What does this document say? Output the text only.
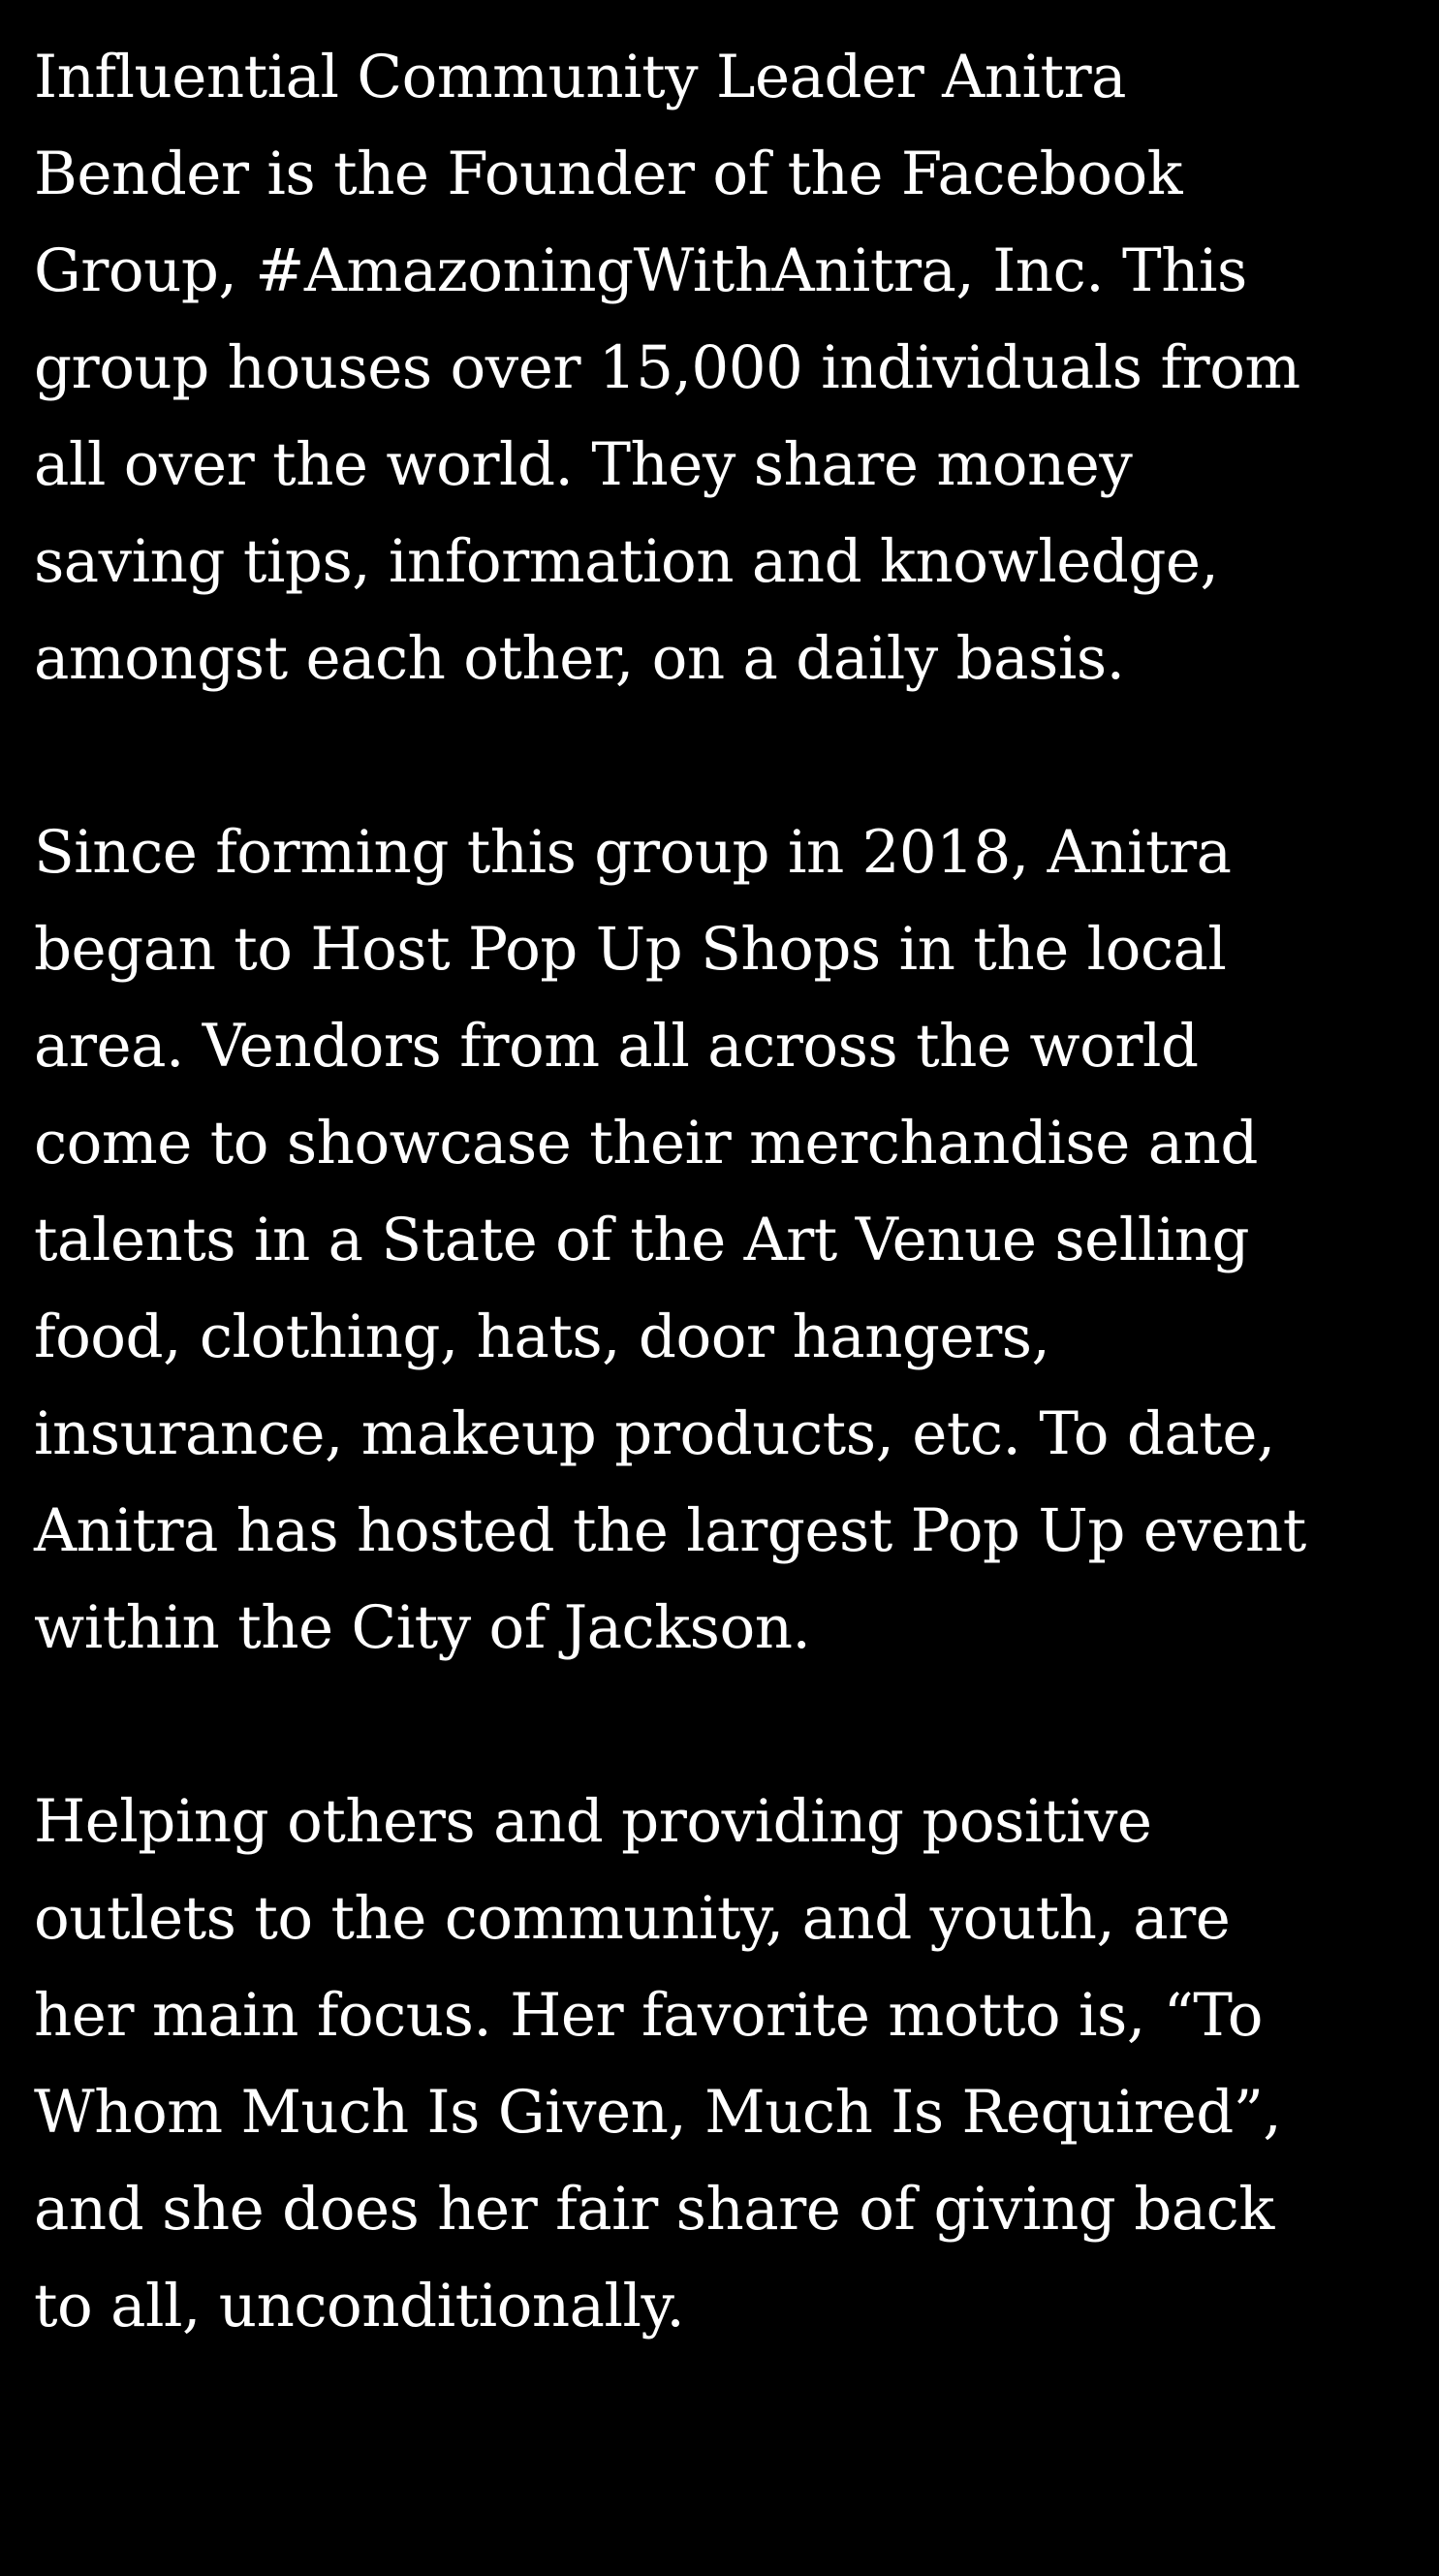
Influential Community Leader Anitra
Bender is the Founder of the Facebook
Group, #AmazoningWithAnitra, Inc. This
group houses over 15,000 individuals from
all over the world. They share money
saving tips, information and knowledge,
amongst each other, on a daily basis.

Since forming this group in 2018, Anitra
began to Host Pop Up Shops in the local
area. Vendors from all across the world
come to showcase their merchandise and
talents in a State of the Art Venue selling
food, clothing, hats, door hangers,
insurance, makeup products, etc. To date,
Anitra has hosted the largest Pop Up event
within the City of Jackson.

Helping others and providing positive
outlets to the community, and youth, are
her main focus. Her favorite motto is, “To
Whom Much Is Given, Much Is Required”,
and she does her fair share of giving back
to all, unconditionally.
